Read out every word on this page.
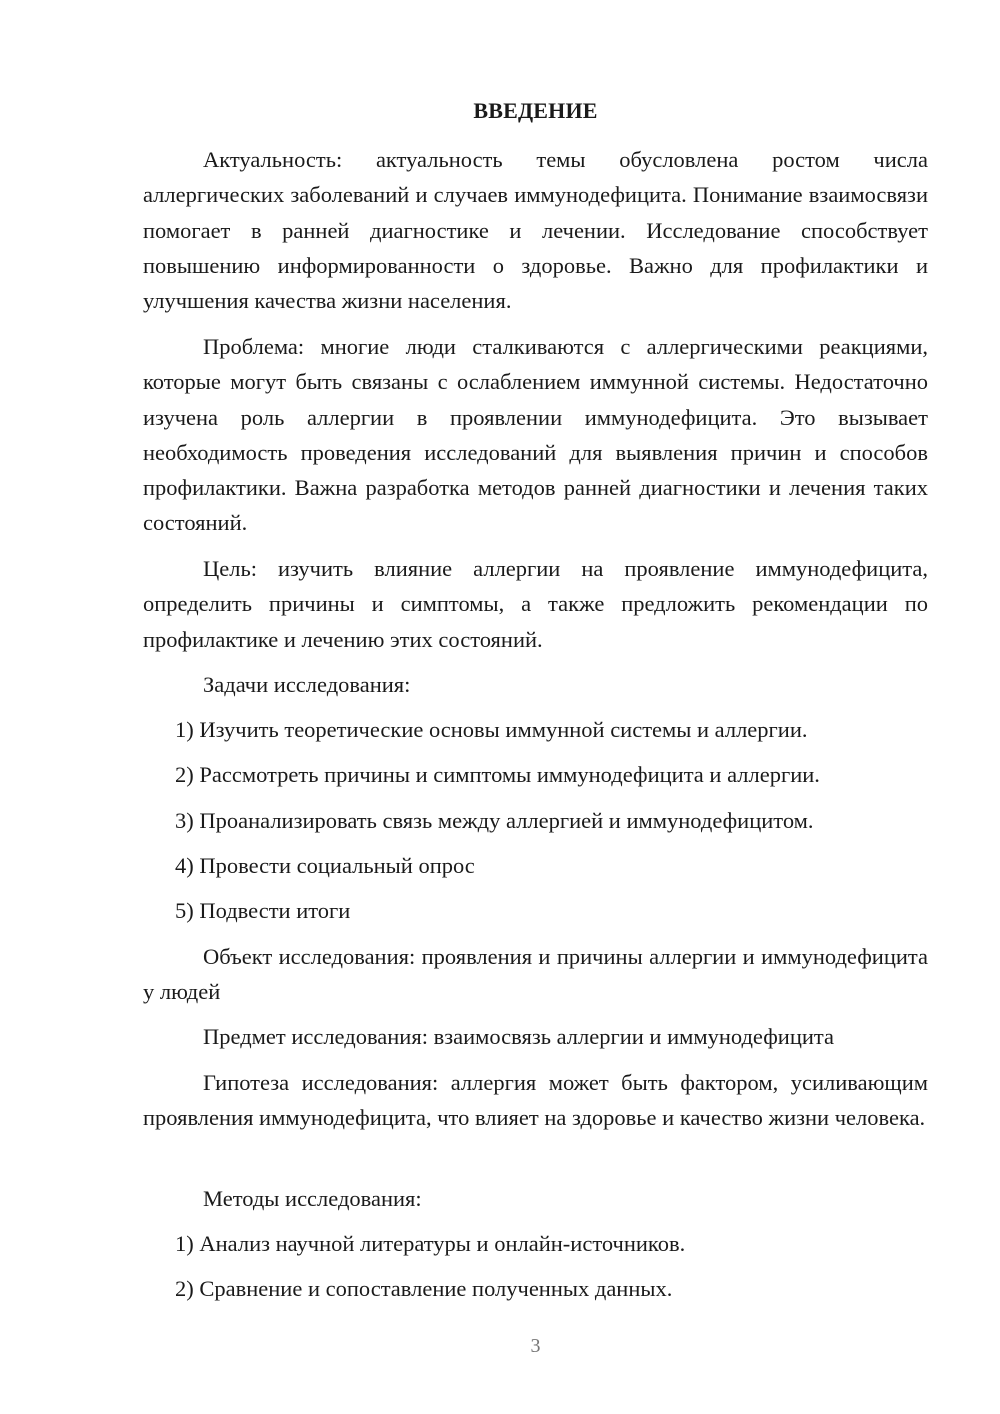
ВВЕДЕНИЕ

Актуальность: актуальность темы обусловлена ростом числа аллергических заболеваний и случаев иммунодефицита. Понимание взаимосвязи помогает в ранней диагностике и лечении. Исследование способствует повышению информированности о здоровье. Важно для профилактики и улучшения качества жизни населения.

Проблема: многие люди сталкиваются с аллергическими реакциями, которые могут быть связаны с ослаблением иммунной системы. Недостаточно изучена роль аллергии в проявлении иммунодефицита. Это вызывает необходимость проведения исследований для выявления причин и способов профилактики. Важна разработка методов ранней диагностики и лечения таких состояний.

Цель: изучить влияние аллергии на проявление иммунодефицита, определить причины и симптомы, а также предложить рекомендации по профилактике и лечению этих состояний.

Задачи исследования:

1) Изучить теоретические основы иммунной системы и аллергии.

2) Рассмотреть причины и симптомы иммунодефицита и аллергии.

3) Проанализировать связь между аллергией и иммунодефицитом.

4) Провести социальный опрос

5) Подвести итоги

Объект исследования: проявления и причины аллергии и иммунодефицита у людей

Предмет исследования: взаимосвязь аллергии и иммунодефицита

Гипотеза исследования: аллергия может быть фактором, усиливающим проявления иммунодефицита, что влияет на здоровье и качество жизни человека.

Методы исследования:

1) Анализ научной литературы и онлайн-источников.

2) Сравнение и сопоставление полученных данных.

3
